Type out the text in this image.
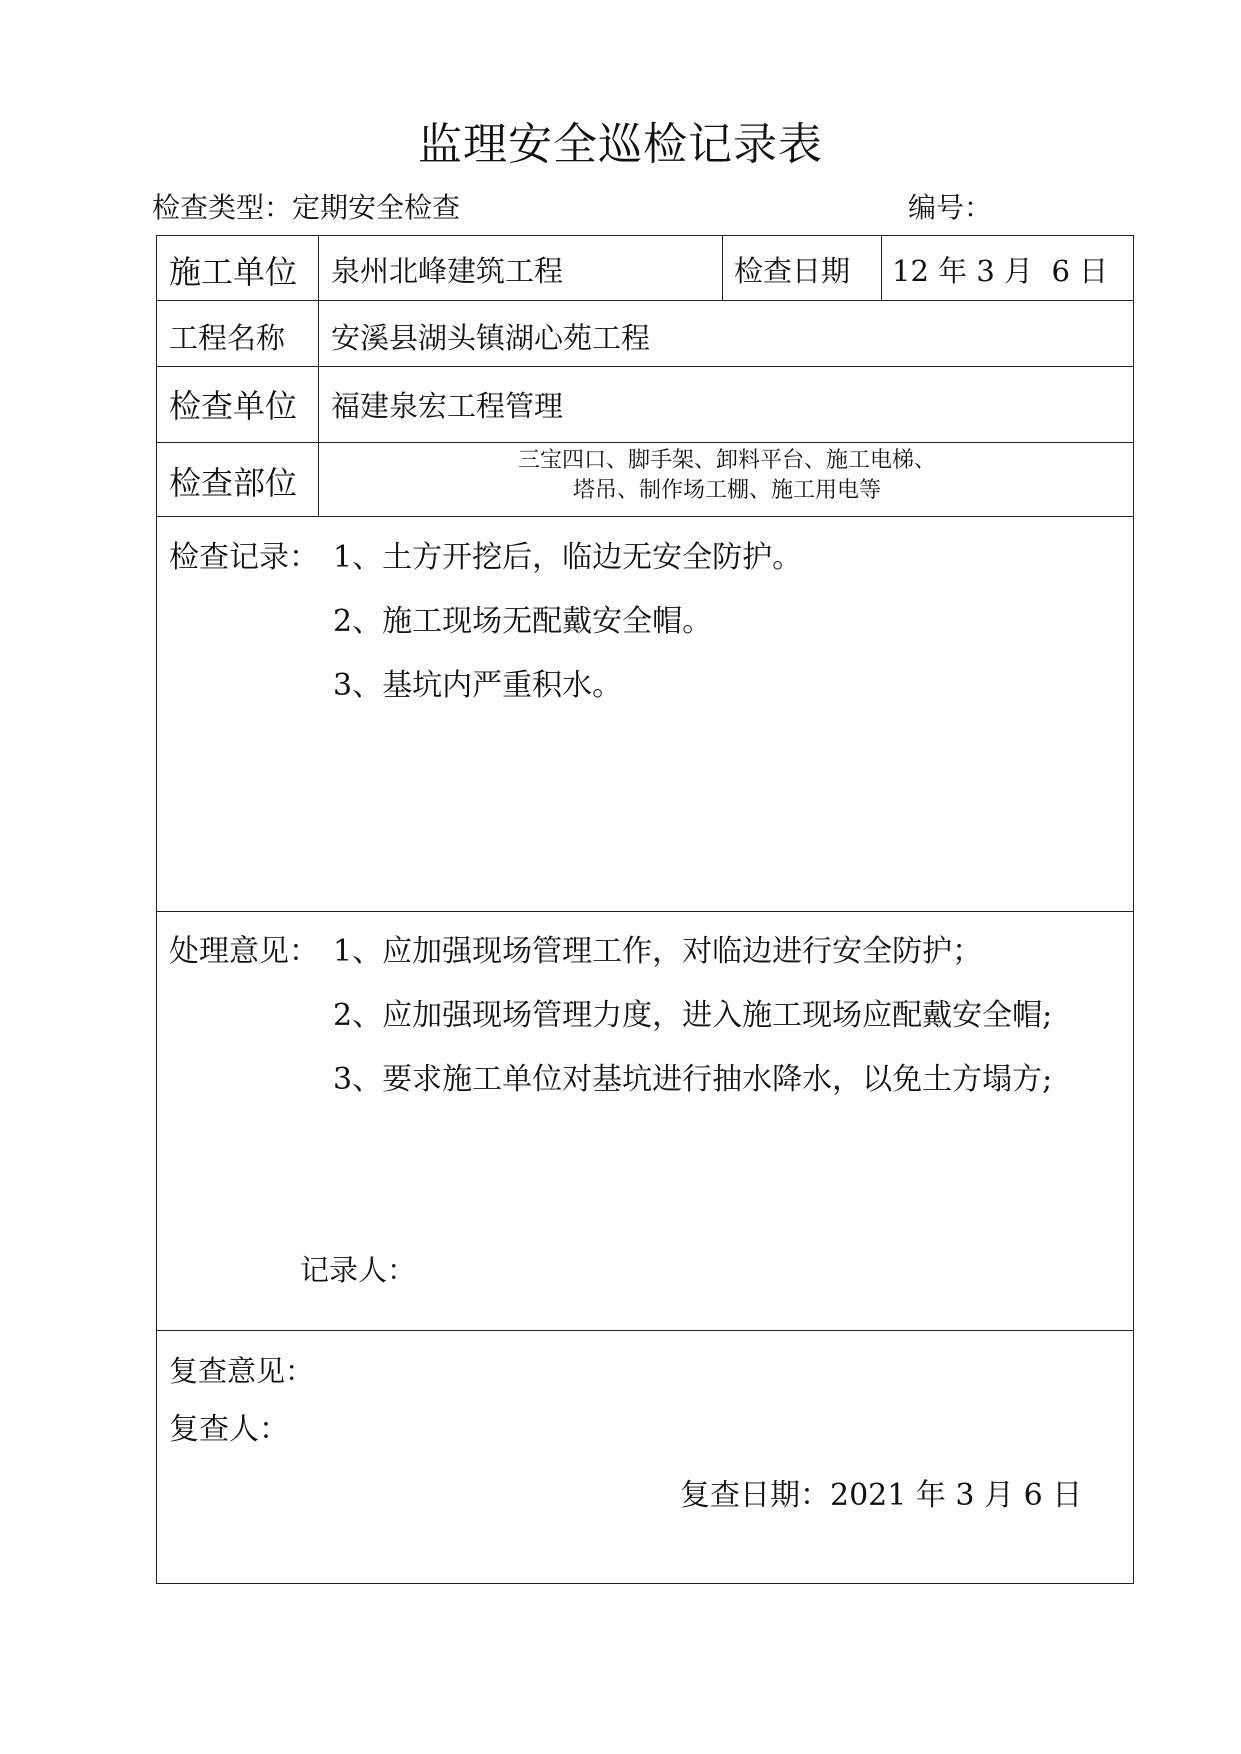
监理安全巡检记录表
检查类型：定期安全检查	编号：
施工单位 泉州北峰建筑工程	检查日期 12 年 3 月  6 日
工程名称 安溪县湖头镇湖心苑工程
检查单位 福建泉宏工程管理
检查部位
三宝四口、脚手架、卸料平台、施工电梯、
塔吊、制作场工棚、施工用电等
检查记录： 1、土方开挖后，临边无安全防护。
2、施工现场无配戴安全帽。
3、基坑内严重积水。
处理意见： 1、应加强现场管理工作，对临边进行安全防护；
2、应加强现场管理力度，进入施工现场应配戴安全帽;
3、要求施工单位对基坑进行抽水降水，以免土方塌方;
记录人：
复查意见：
复查人：
复查日期：2021 年 3 月 6 日
